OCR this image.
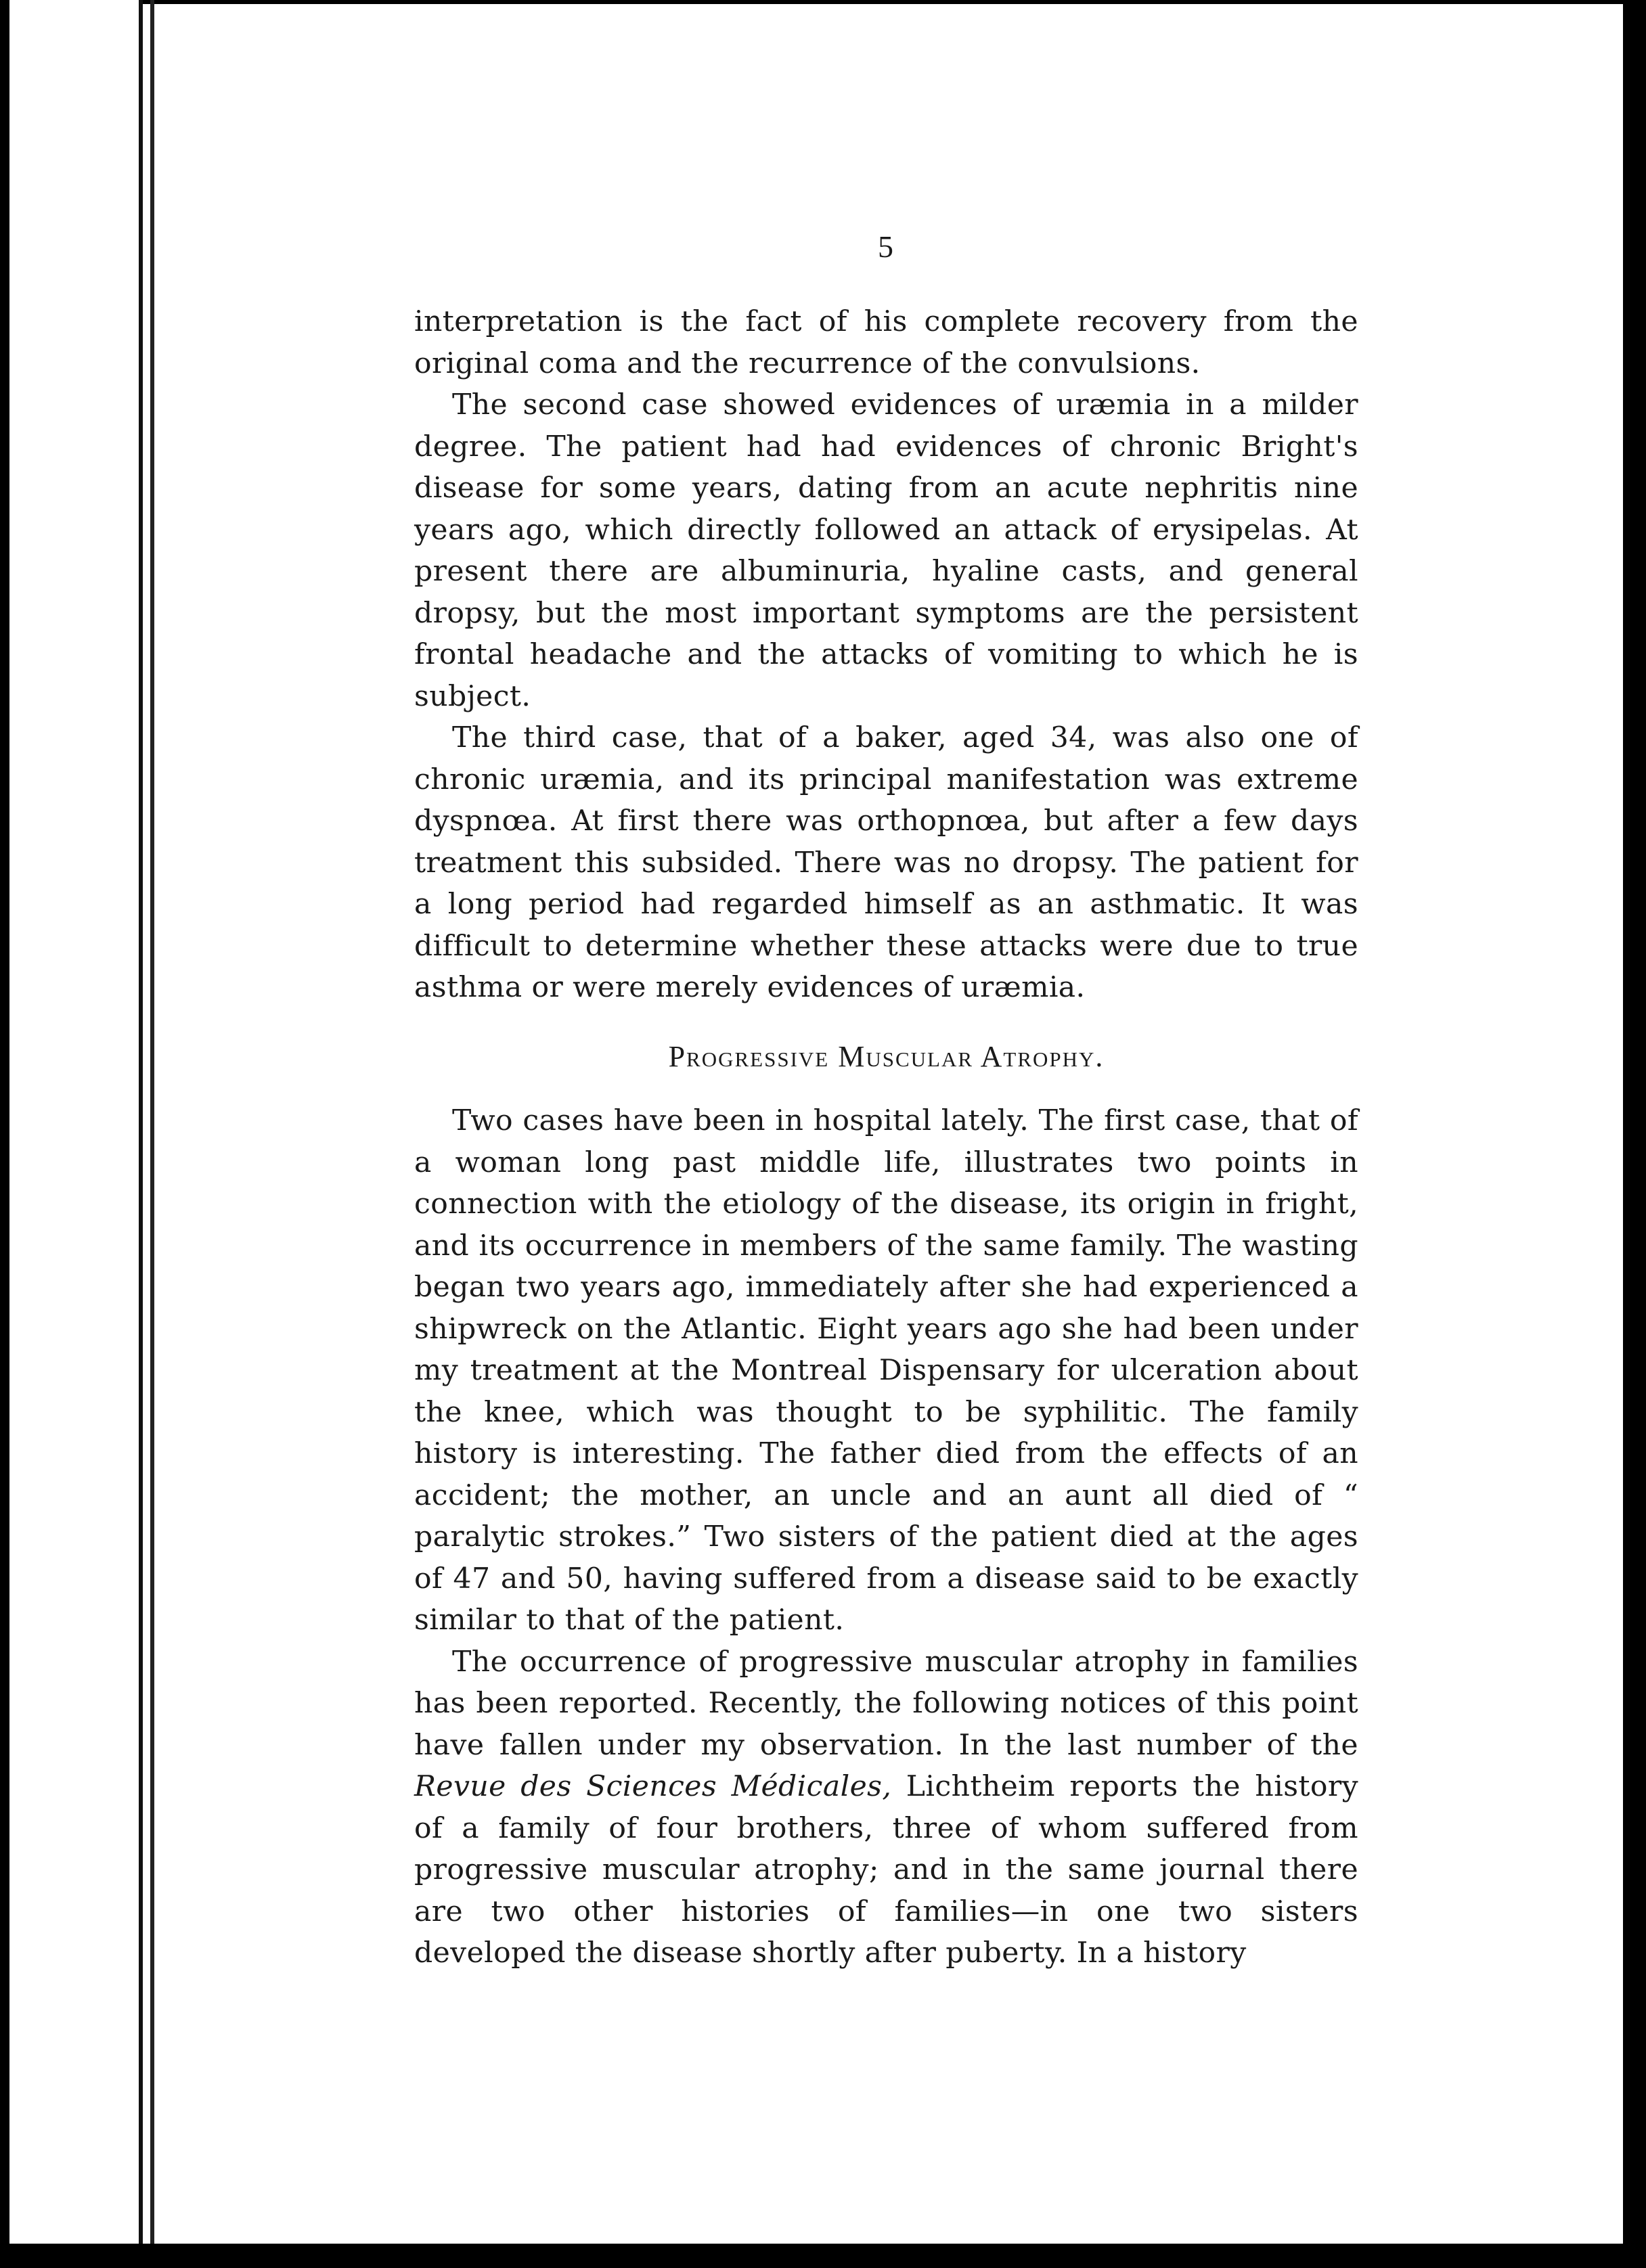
5

interpretation is the fact of his complete recovery from the original coma and the recurrence of the convulsions.

The second case showed evidences of uræmia in a milder degree. The patient had had evidences of chronic Bright's disease for some years, dating from an acute nephritis nine years ago, which directly followed an attack of erysipelas. At present there are albuminuria, hyaline casts, and general dropsy, but the most important symptoms are the persistent frontal headache and the attacks of vomiting to which he is subject.

The third case, that of a baker, aged 34, was also one of chronic uræmia, and its principal manifestation was extreme dyspnœa. At first there was orthopnœa, but after a few days treatment this subsided. There was no dropsy. The patient for a long period had regarded himself as an asthmatic. It was difficult to determine whether these attacks were due to true asthma or were merely evidences of uræmia.

Progressive Muscular Atrophy.

Two cases have been in hospital lately. The first case, that of a woman long past middle life, illustrates two points in connection with the etiology of the disease, its origin in fright, and its occurrence in members of the same family. The wasting began two years ago, immediately after she had experienced a shipwreck on the Atlantic. Eight years ago she had been under my treatment at the Montreal Dispensary for ulceration about the knee, which was thought to be syphilitic. The family history is interesting. The father died from the effects of an accident; the mother, an uncle and an aunt all died of “ paralytic strokes.” Two sisters of the patient died at the ages of 47 and 50, having suffered from a disease said to be exactly similar to that of the patient.

The occurrence of progressive muscular atrophy in families has been reported. Recently, the following notices of this point have fallen under my observation. In the last number of the Revue des Sciences Médicales, Lichtheim reports the history of a family of four brothers, three of whom suffered from progressive muscular atrophy; and in the same journal there are two other histories of families—in one two sisters developed the disease shortly after puberty. In a history
